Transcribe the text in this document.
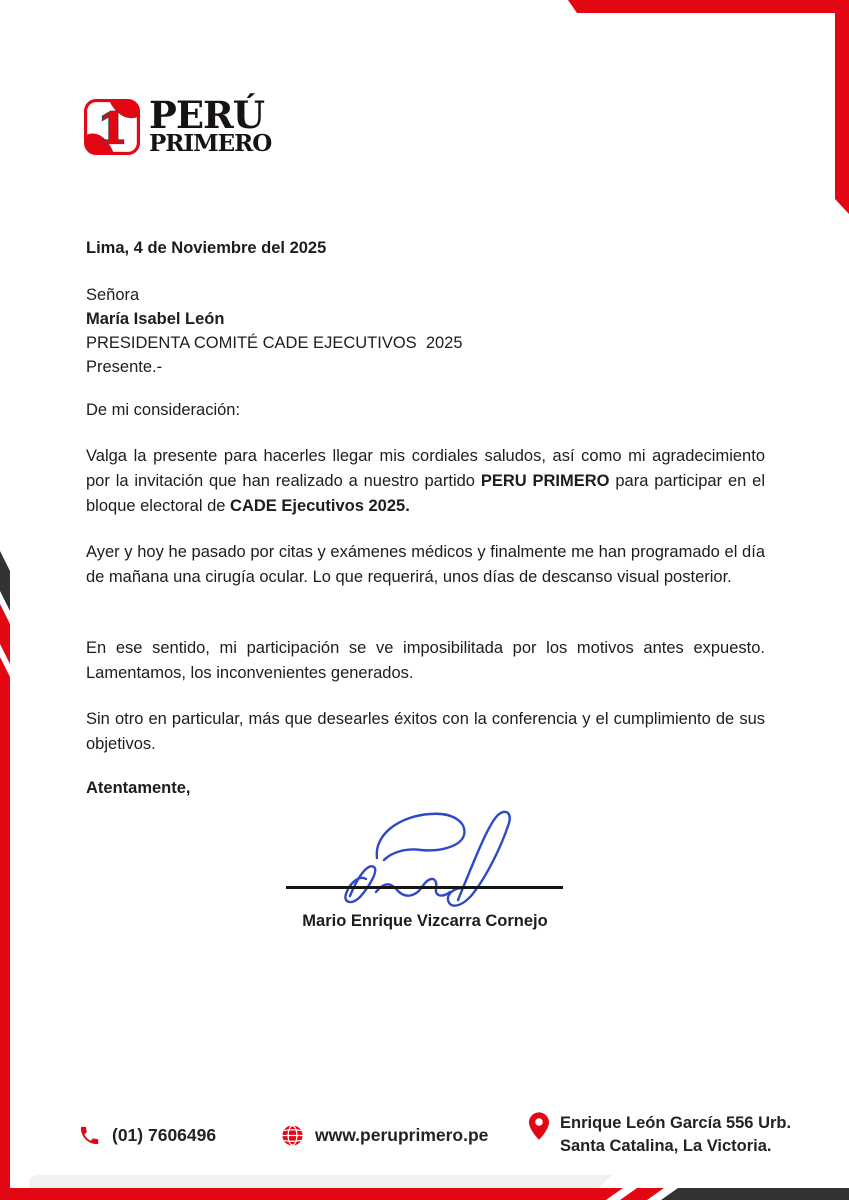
1 PERÚ
PRIMERO
Lima, 4 de Noviembre del 2025
Señora
María Isabel León
PRESIDENTA COMITÉ CADE EJECUTIVOS  2025
Presente.-
De mi consideración:
Valga la presente para hacerles llegar mis cordiales saludos, así como mi agradecimiento por la invitación que han realizado a nuestro partido PERU PRIMERO para participar en el bloque electoral de CADE Ejecutivos 2025.
Ayer y hoy he pasado por citas y exámenes médicos y finalmente me han programado el día de mañana una cirugía ocular. Lo que requerirá, unos días de descanso visual posterior.
En ese sentido, mi participación se ve imposibilitada por los motivos antes expuesto. Lamentamos, los inconvenientes generados.
Sin otro en particular, más que desearles éxitos con la conferencia y el cumplimiento de sus objetivos.
Atentamente,
Mario Enrique Vizcarra Cornejo
(01) 7606496	www.peruprimero.pe
Enrique León García 556 Urb.
Santa Catalina, La Victoria.
